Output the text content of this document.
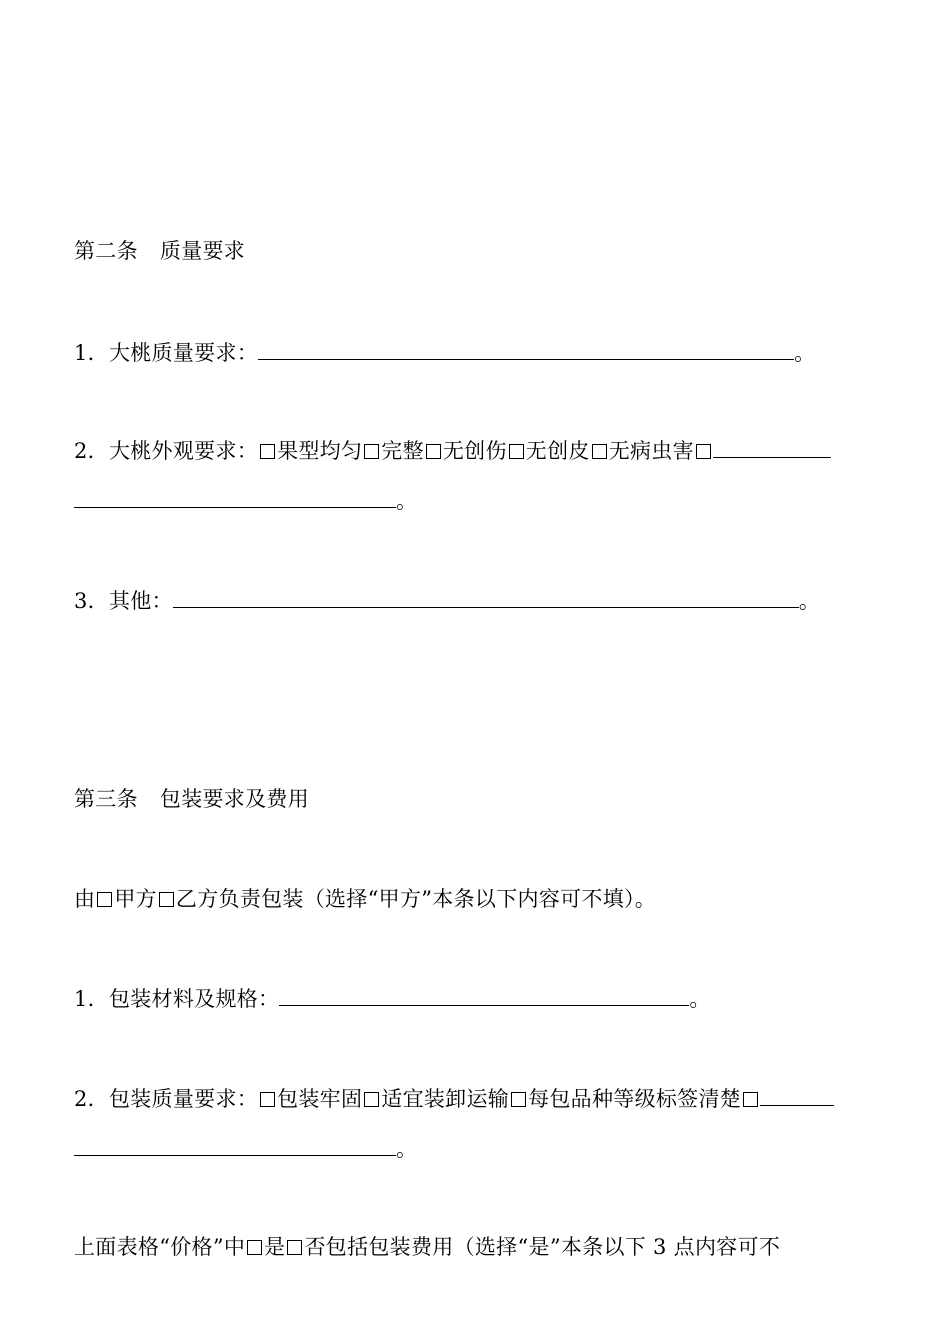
第二条 质量要求
1．大桃质量要求：	。
2．大桃外观要求： 果型均匀 完整 无创伤 无创皮 无病虫害
。
3．其他：	。
第三条 包装要求及费用
由 甲方 乙方负责包装（选择“甲方”本条以下内容可不填）。
1．包装材料及规格：	。
2．包装质量要求： 包装牢固 适宜装卸运输 每包品种等级标签清楚
。
上面表格“价格”中 是 否包括包装费用（选择“是”本条以下 3 点内容可不
